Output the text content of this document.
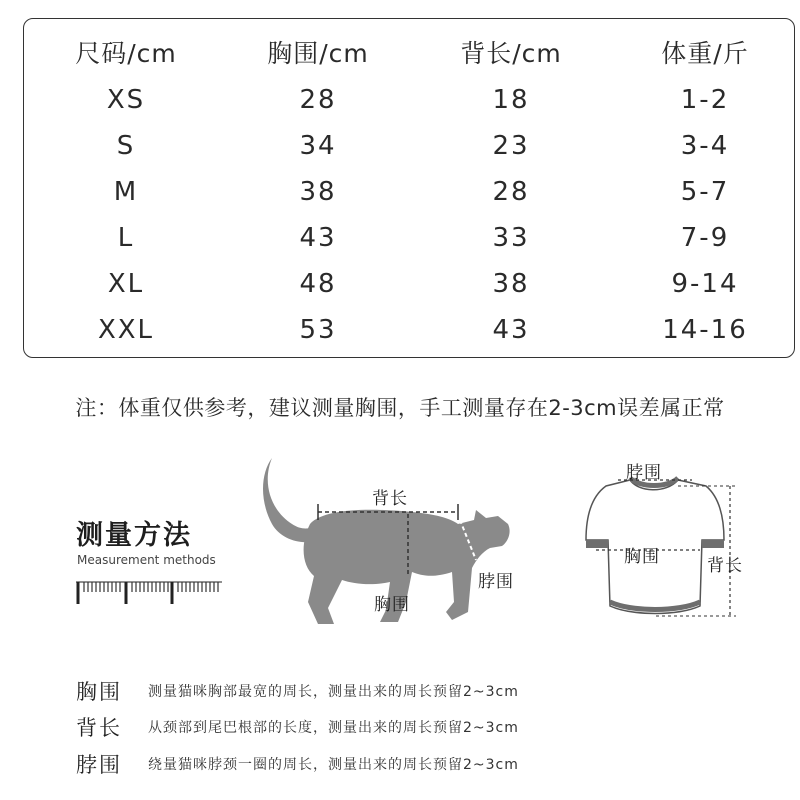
尺码/cm	胸围/cm	背长/cm	体重/斤
XS	28	18	1-2
S	34	23	3-4
M	38	28	5-7
L	43	33	7-9
XL	48	38	9-14
XXL	53	43	14-16
注：体重仅供参考，建议测量胸围，手工测量存在2-3cm误差属正常
测量方法
Measurement methods
背长
脖围
胸围
脖围
胸围	背长
胸围 测量猫咪胸部最宽的周长，测量出来的周长预留2~3cm
背长 从颈部到尾巴根部的长度，测量出来的周长预留2~3cm
脖围 绕量猫咪脖颈一圈的周长，测量出来的周长预留2~3cm
